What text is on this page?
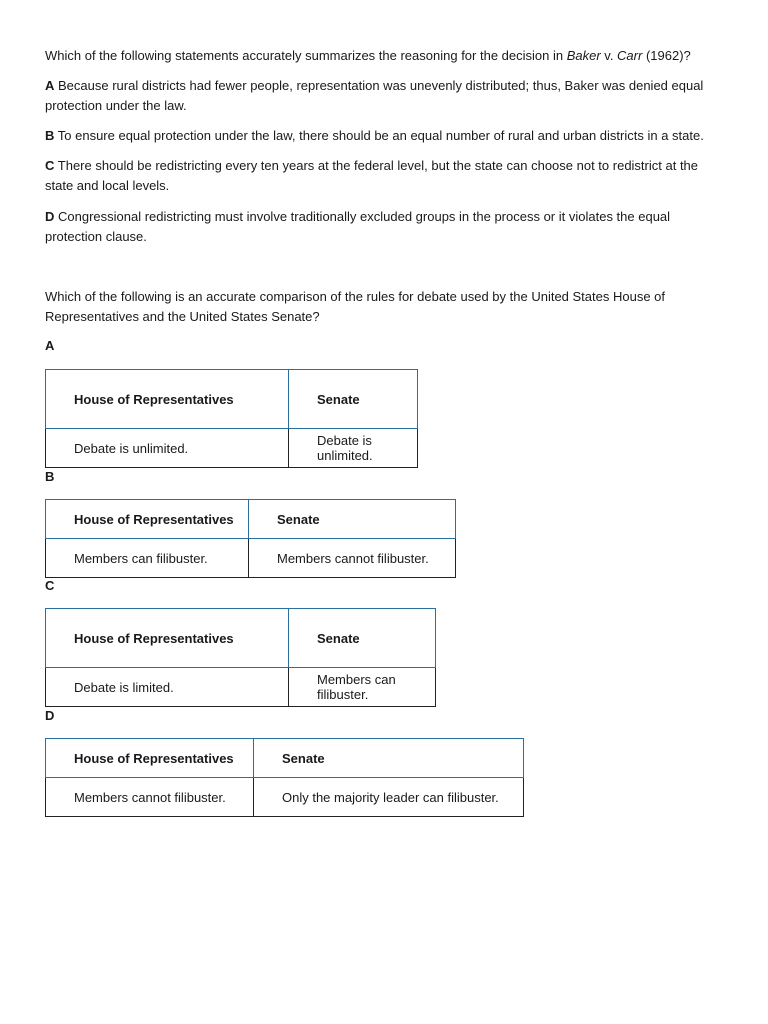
Which of the following statements accurately summarizes the reasoning for the decision in Baker v. Carr (1962)?

A Because rural districts had fewer people, representation was unevenly distributed; thus, Baker was denied equal protection under the law.

B To ensure equal protection under the law, there should be an equal number of rural and urban districts in a state.

C There should be redistricting every ten years at the federal level, but the state can choose not to redistrict at the state and local levels.

D Congressional redistricting must involve traditionally excluded groups in the process or it violates the equal protection clause.

Which of the following is an accurate comparison of the rules for debate used by the United States House of Representatives and the United States Senate?

A
House of Representatives	Senate
Debate is unlimited.	Debate is unlimited.
B
House of Representatives	Senate
Members can filibuster.	Members cannot filibuster.
C
House of Representatives	Senate
Debate is limited.	Members can filibuster.
D
House of Representatives	Senate
Members cannot filibuster.	Only the majority leader can filibuster.
